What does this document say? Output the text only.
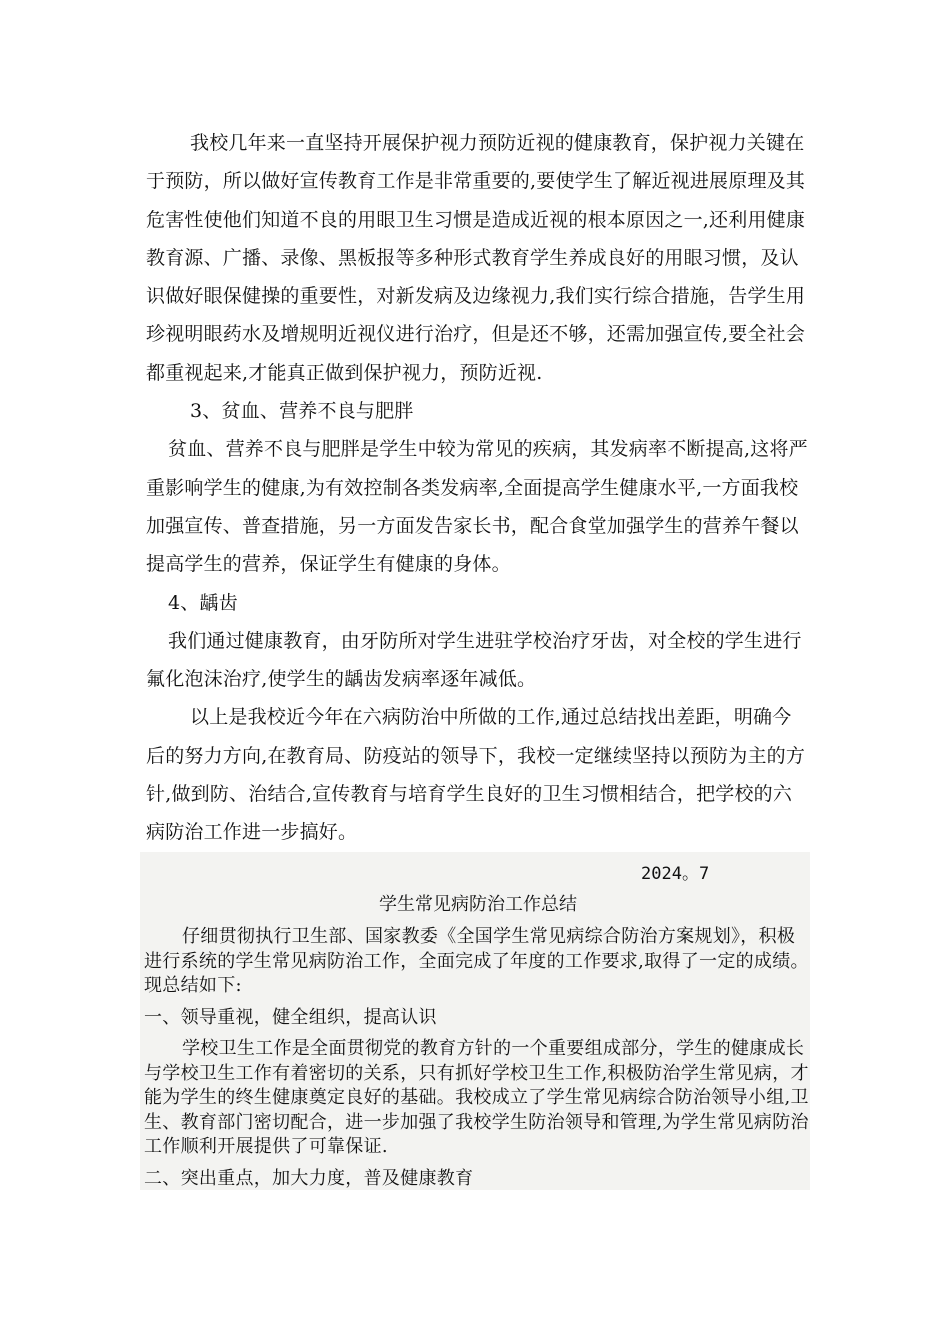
我校几年来一直坚持开展保护视力预防近视的健康教育，保护视力关键在于预防，所以做好宣传教育工作是非常重要的,要使学生了解近视进展原理及其危害性使他们知道不良的用眼卫生习惯是造成近视的根本原因之一,还利用健康教育源、广播、录像、黑板报等多种形式教育学生养成良好的用眼习惯，及认识做好眼保健操的重要性，对新发病及边缘视力,我们实行综合措施，告学生用珍视明眼药水及增规明近视仪进行治疗，但是还不够，还需加强宣传,要全社会都重视起来,才能真正做到保护视力，预防近视.

3、贫血、营养不良与肥胖

贫血、营养不良与肥胖是学生中较为常见的疾病，其发病率不断提高,这将严重影响学生的健康,为有效控制各类发病率,全面提高学生健康水平,一方面我校加强宣传、普查措施，另一方面发告家长书，配合食堂加强学生的营养午餐以提高学生的营养，保证学生有健康的身体。

4、龋齿

我们通过健康教育，由牙防所对学生进驻学校治疗牙齿，对全校的学生进行氟化泡沫治疗,使学生的龋齿发病率逐年减低。

以上是我校近今年在六病防治中所做的工作,通过总结找出差距，明确今后的努力方向,在教育局、防疫站的领导下，我校一定继续坚持以预防为主的方针,做到防、治结合,宣传教育与培育学生良好的卫生习惯相结合，把学校的六病防治工作进一步搞好。

2024。7
学生常见病防治工作总结

仔细贯彻执行卫生部、国家教委《全国学生常见病综合防治方案规划》，积极进行系统的学生常见病防治工作，全面完成了年度的工作要求,取得了一定的成绩。现总结如下:

一、领导重视，健全组织，提高认识

学校卫生工作是全面贯彻党的教育方针的一个重要组成部分，学生的健康成长与学校卫生工作有着密切的关系，只有抓好学校卫生工作,积极防治学生常见病，才能为学生的终生健康奠定良好的基础。我校成立了学生常见病综合防治领导小组,卫生、教育部门密切配合，进一步加强了我校学生防治领导和管理,为学生常见病防治工作顺利开展提供了可靠保证.

二、突出重点，加大力度，普及健康教育
